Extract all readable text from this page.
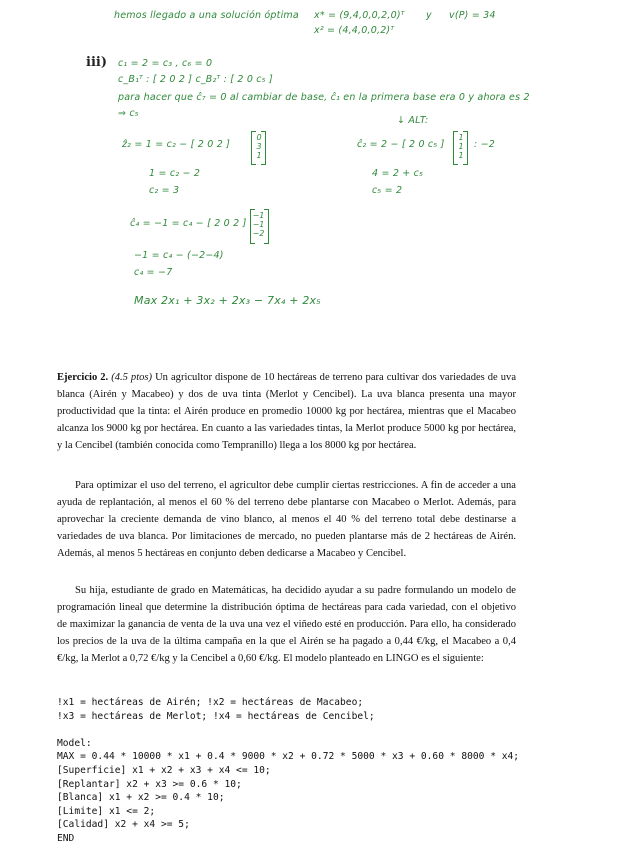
hemos llegado a una solución óptima x* = (9,4,0,0,2,0)ᵀ y v(P) = 34
x² = (4,4,0,0,2)ᵀ
iii) c₁ = 2 = c₃ , c₆ = 0
c_B₁ᵀ : [ 2 0 2 ] c_B₂ᵀ : [ 2 0 c₅ ]
para hacer que ĉ₇ = 0 al cambiar de base, ĉ₁ en la primera base era 0 y ahora es 2
⇒ c₅
↓ ALT:
ẑ₂ = 1 = c₂ − [ 2 0 2 ]
0
3
1
ĉ₂ = 2 − [ 2 0 c₅ ]
1
1
1
: −2
1 = c₂ − 2
c₂ = 3
4 = 2 + c₅
c₅ = 2
ĉ₄ = −1 = c₄ − [ 2 0 2 ]
−1
−1
−2
−1 = c₄ − (−2−4)
c₄ = −7
Max 2x₁ + 3x₂ + 2x₃ − 7x₄ + 2x₅

Ejercicio 2. (4.5 ptos) Un agricultor dispone de 10 hectáreas de terreno para cultivar dos variedades de uva blanca (Airén y Macabeo) y dos de uva tinta (Merlot y Cencibel). La uva blanca presenta una mayor productividad que la tinta: el Airén produce en promedio 10000 kg por hectárea, mientras que el Macabeo alcanza los 9000 kg por hectárea. En cuanto a las variedades tintas, la Merlot produce 5000 kg por hectárea, y la Cencibel (también conocida como Tempranillo) llega a los 8000 kg por hectárea.

Para optimizar el uso del terreno, el agricultor debe cumplir ciertas restricciones. A fin de acceder a una ayuda de replantación, al menos el 60 % del terreno debe plantarse con Macabeo o Merlot. Además, para aprovechar la creciente demanda de vino blanco, al menos el 40 % del terreno total debe destinarse a variedades de uva blanca. Por limitaciones de mercado, no pueden plantarse más de 2 hectáreas de Airén. Además, al menos 5 hectáreas en conjunto deben dedicarse a Macabeo y Cencibel.

Su hija, estudiante de grado en Matemáticas, ha decidido ayudar a su padre formulando un modelo de programación lineal que determine la distribución óptima de hectáreas para cada variedad, con el objetivo de maximizar la ganancia de venta de la uva una vez el viñedo esté en producción. Para ello, ha considerado los precios de la uva de la última campaña en la que el Airén se ha pagado a 0,44 €/kg, el Macabeo a 0,4 €/kg, la Merlot a 0,72 €/kg y la Cencibel a 0,60 €/kg. El modelo planteado en LINGO es el siguiente:

!x1 = hectáreas de Airén; !x2 = hectáreas de Macabeo;
!x3 = hectáreas de Merlot; !x4 = hectáreas de Cencibel;
Model:
MAX = 0.44 * 10000 * x1 + 0.4 * 9000 * x2 + 0.72 * 5000 * x3 + 0.60 * 8000 * x4;
[Superficie] x1 + x2 + x3 + x4 <= 10;
[Replantar] x2 + x3 >= 0.6 * 10;
[Blanca] x1 + x2 >= 0.4 * 10;
[Limite] x1 <= 2;
[Calidad] x2 + x4 >= 5;
END
